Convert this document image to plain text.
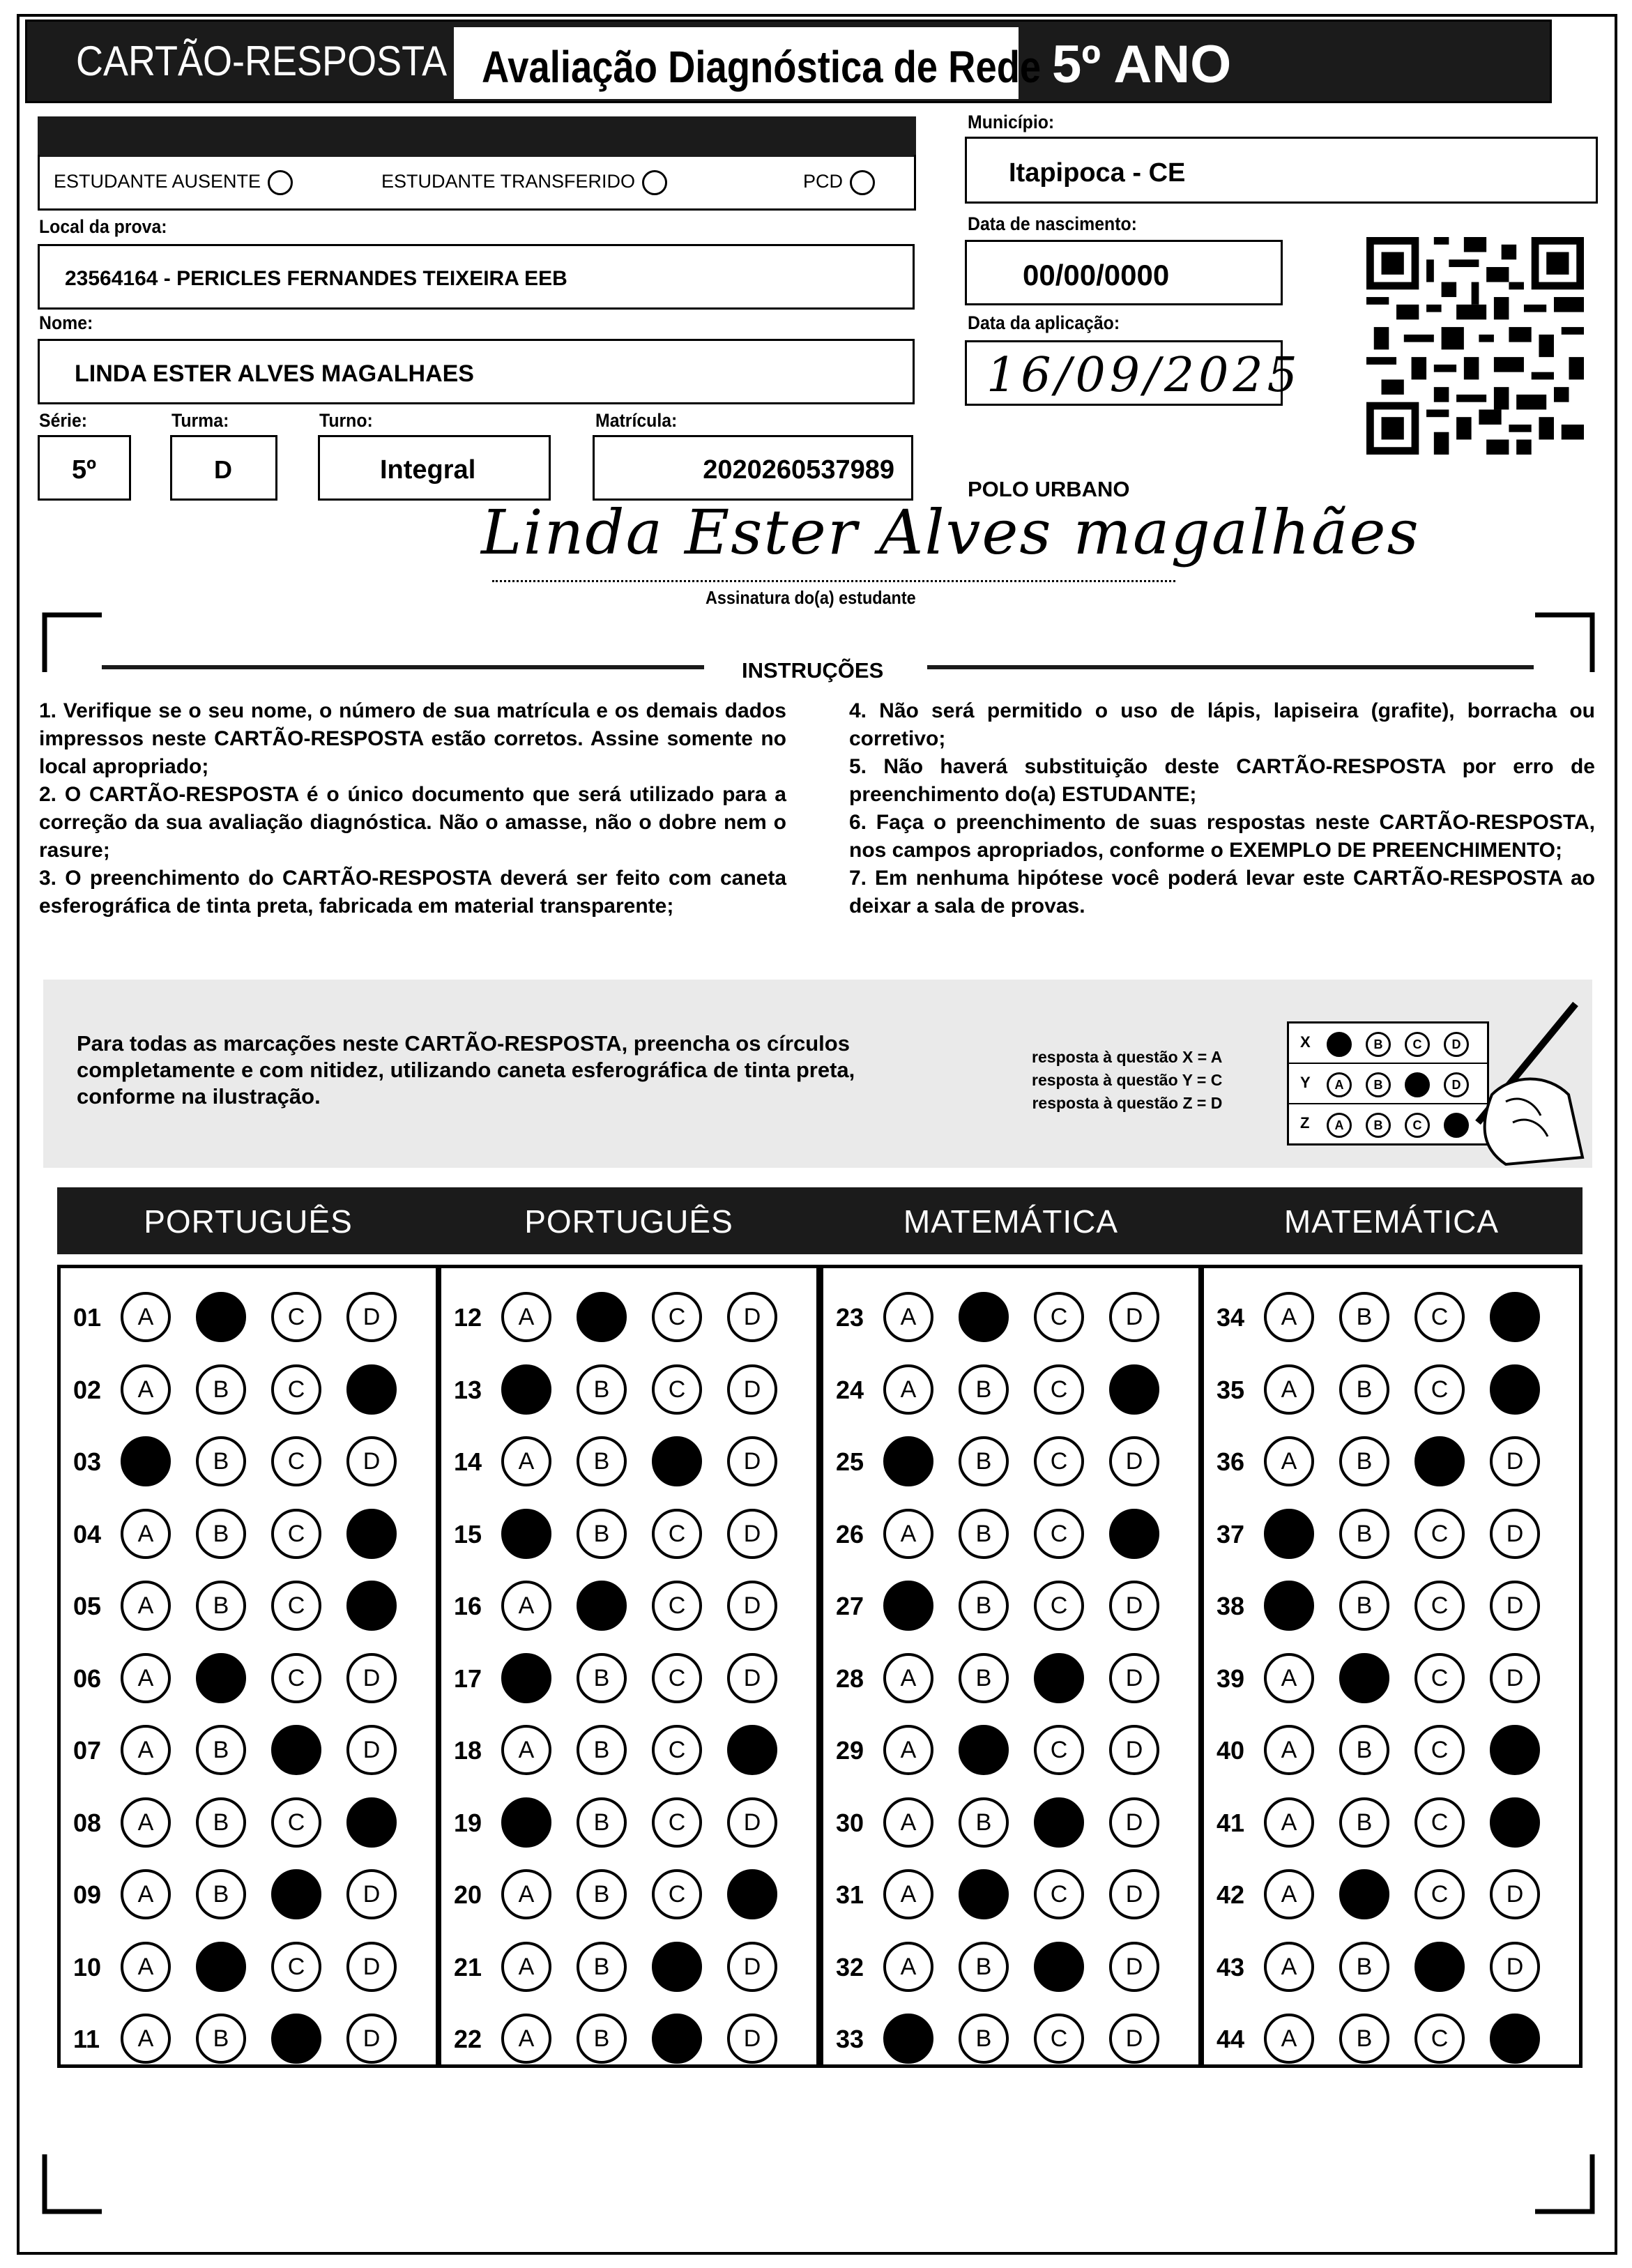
CARTÃO-RESPOSTA Avaliação Diagnóstica de Rede 5º ANO
ESTUDANTE AUSENTE	ESTUDANTE TRANSFERIDO	PCD
Local da prova:
23564164 - PERICLES FERNANDES TEIXEIRA EEB
Nome:
LINDA ESTER ALVES MAGALHAES
Série:
5º
Turma:
D
Turno:
Integral
Matrícula:
2020260537989
Município:
Itapipoca - CE
Data de nascimento:
00/00/0000
Data da aplicação:
16/09/2025
POLO URBANO
Linda Ester Alves magalhães
Assinatura do(a) estudante
INSTRUÇÕES

1. Verifique se o seu nome, o número de sua matrícula e os demais dados impressos neste CARTÃO-RESPOSTA estão corretos. Assine somente no local apropriado;

2. O CARTÃO-RESPOSTA é o único documento que será utilizado para a correção da sua avaliação diagnóstica. Não o amasse, não o dobre nem o rasure;

3. O preenchimento do CARTÃO-RESPOSTA deverá ser feito com caneta esferográfica de tinta preta, fabricada em material transparente;

4. Não será permitido o uso de lápis, lapiseira (grafite), borracha ou corretivo;

5. Não haverá substituição deste CARTÃO-RESPOSTA por erro de preenchimento do(a) ESTUDANTE;

6. Faça o preenchimento de suas respostas neste CARTÃO-RESPOSTA, nos campos apropriados, conforme o EXEMPLO DE PREENCHIMENTO;

7. Em nenhuma hipótese você poderá levar este CARTÃO-RESPOSTA ao deixar a sala de provas.

Para todas as marcações neste CARTÃO-RESPOSTA, preencha os círculos completamente e com nitidez, utilizando caneta esferográfica de tinta preta, conforme na ilustração.
resposta à questão X = A
resposta à questão Y = C
resposta à questão Z = D
X	A	B	C	D
Y	A	B	C	D
Z	A	B	C	D
PORTUGUÊS
01	A	B	C	D
02	A	B	C	D
03	A	B	C	D
04	A	B	C	D
05	A	B	C	D
06	A	B	C	D
07	A	B	C	D
08	A	B	C	D
09	A	B	C	D
10	A	B	C	D
11	A	B	C	D
PORTUGUÊS
12	A	B	C	D
13	A	B	C	D
14	A	B	C	D
15	A	B	C	D
16	A	B	C	D
17	A	B	C	D
18	A	B	C	D
19	A	B	C	D
20	A	B	C	D
21	A	B	C	D
22	A	B	C	D
MATEMÁTICA
23	A	B	C	D
24	A	B	C	D
25	A	B	C	D
26	A	B	C	D
27	A	B	C	D
28	A	B	C	D
29	A	B	C	D
30	A	B	C	D
31	A	B	C	D
32	A	B	C	D
33	A	B	C	D
MATEMÁTICA
34	A	B	C	D
35	A	B	C	D
36	A	B	C	D
37	A	B	C	D
38	A	B	C	D
39	A	B	C	D
40	A	B	C	D
41	A	B	C	D
42	A	B	C	D
43	A	B	C	D
44	A	B	C	D
